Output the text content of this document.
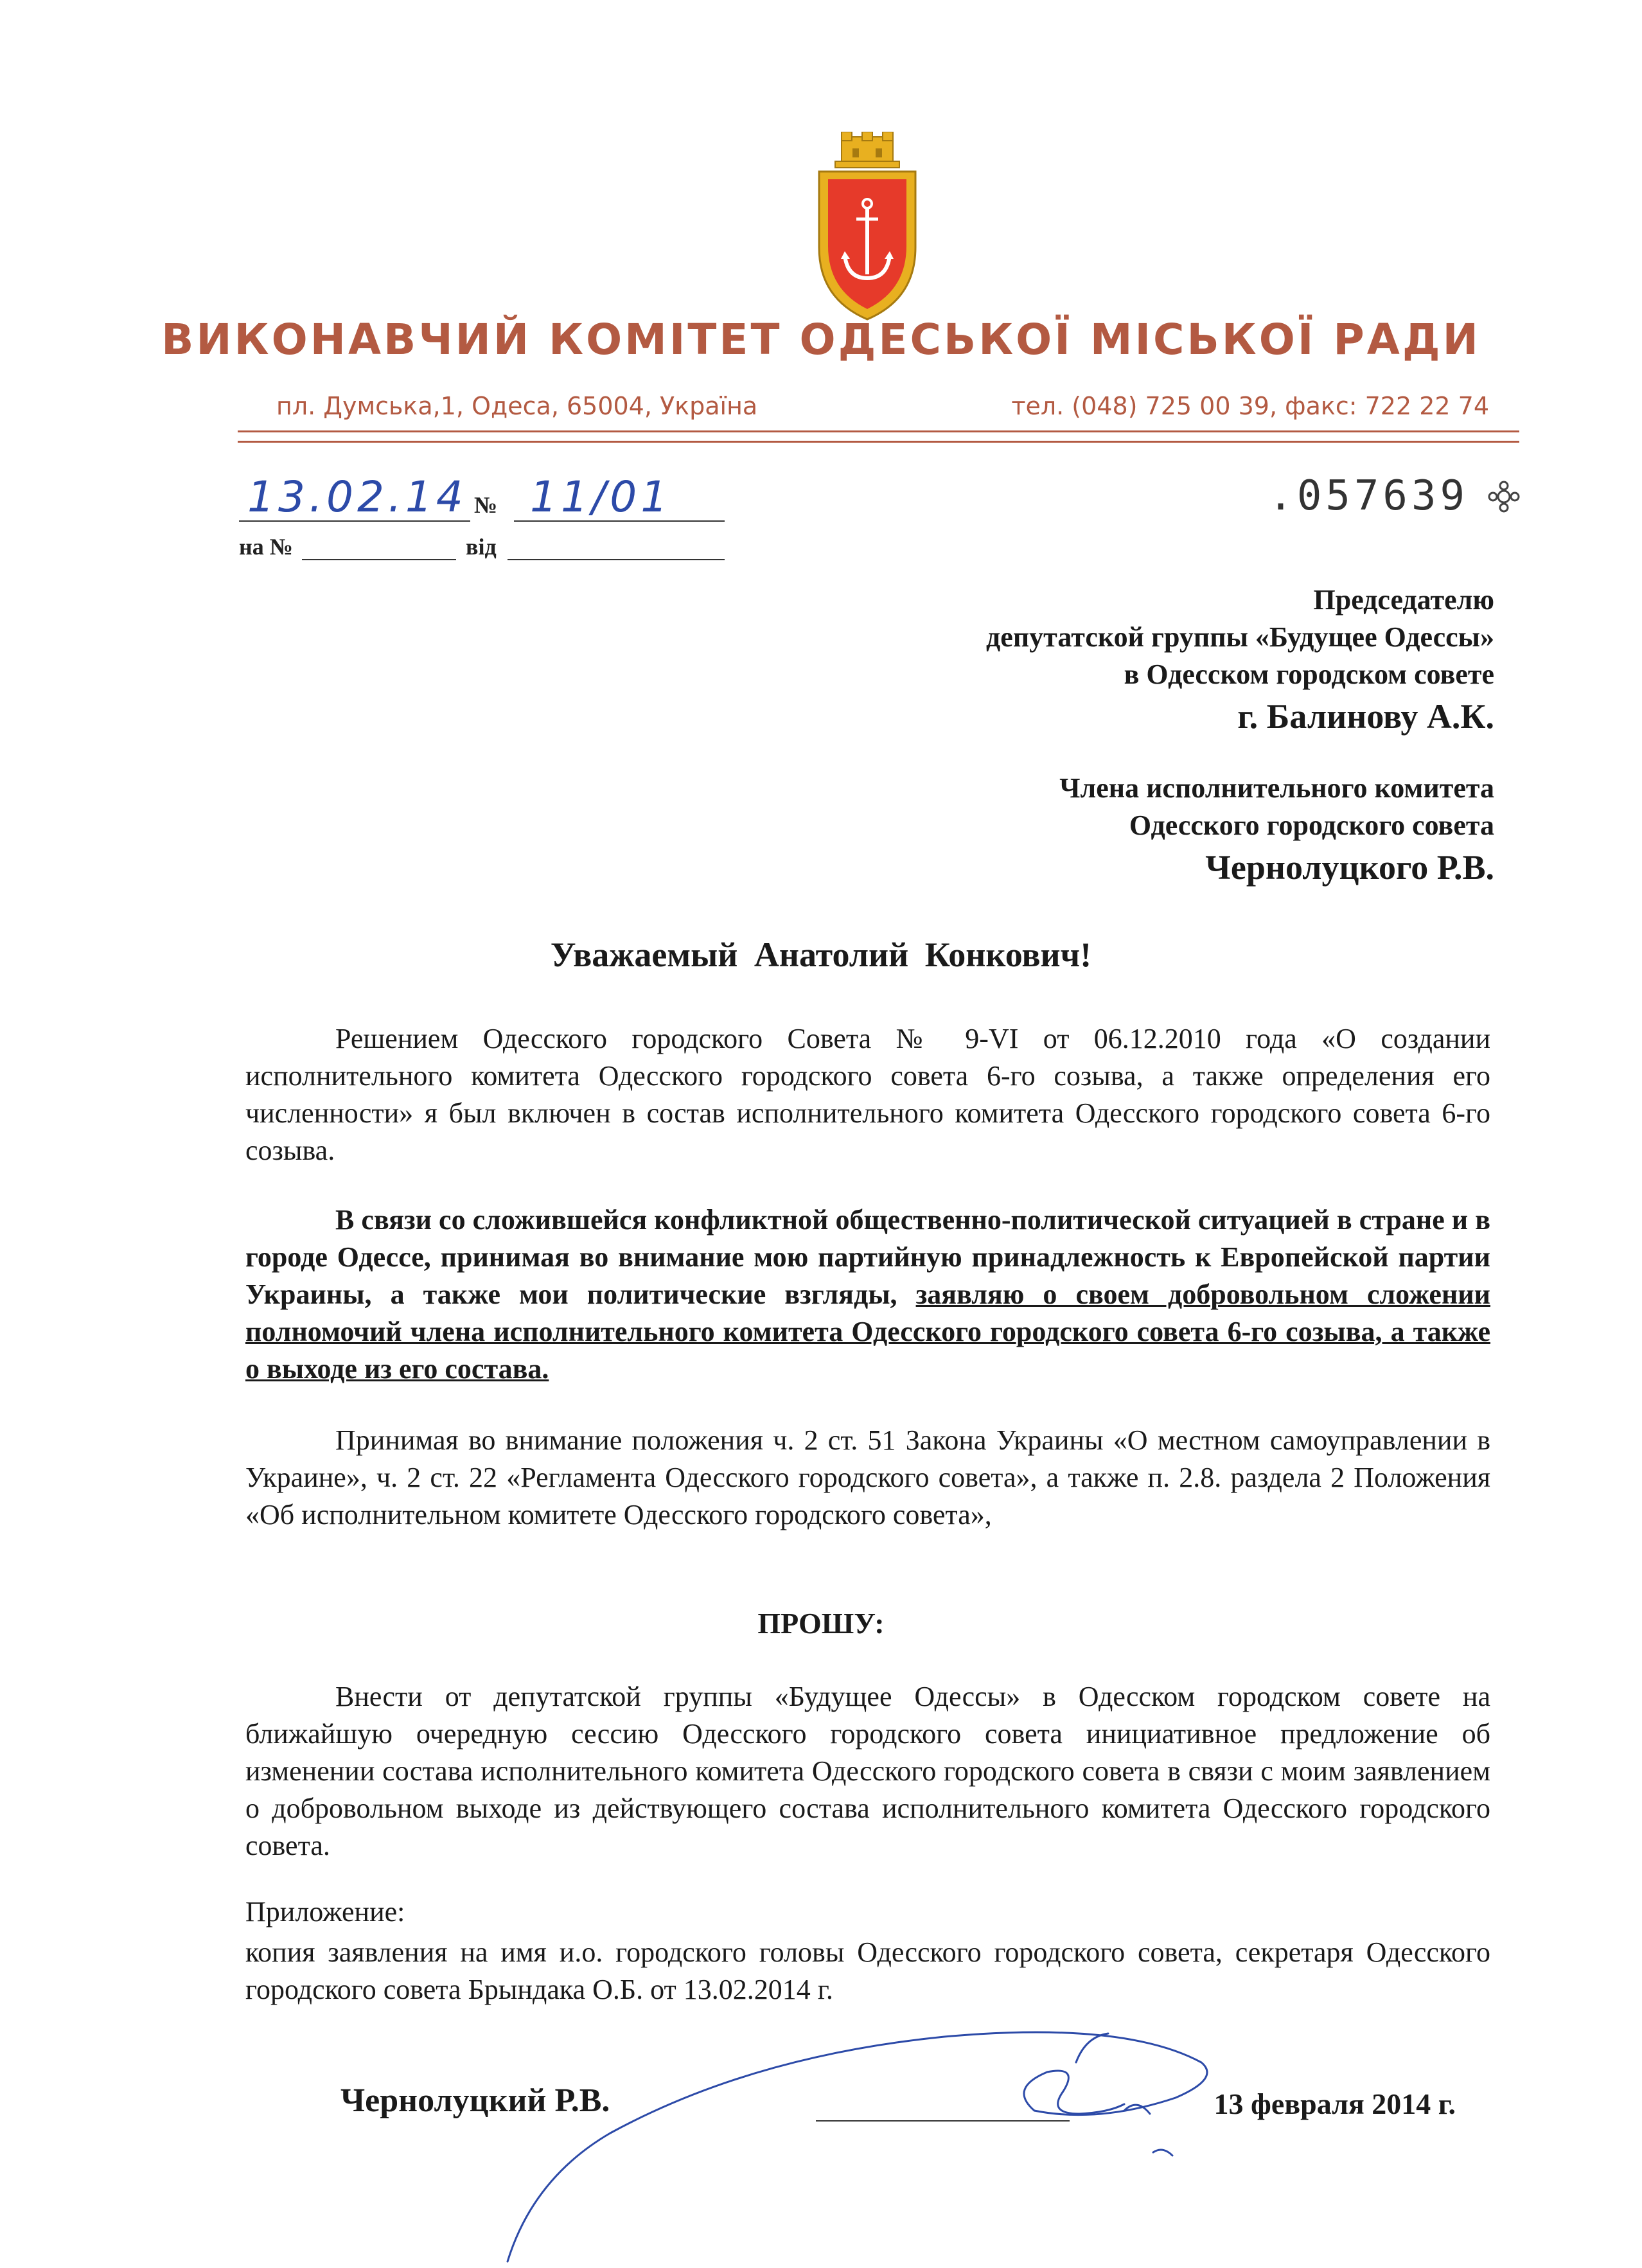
ВИКОНАВЧИЙ КОМІТЕТ ОДЕСЬКОЇ МІСЬКОЇ РАДИ
пл. Думська,1, Одеса, 65004, Україна	тел. (048) 725 00 39, факс: 722 22 74
13.02.14 № 11/01
на №	від
.057639
Председателю
депутатской группы «Будущее Одессы»
в Одесском городском совете
г. Балинову А.К.
Члена исполнительного комитета
Одесского городского совета
Чернолуцкого Р.В.
Уважаемый Анатолий Конкович!
Решением Одесского городского Совета № 9-VI от 06.12.2010 года «О создании исполнительного комитета Одесского городского совета 6-го созыва, а также определения его численности» я был включен в состав исполнительного комитета Одесского городского совета 6-го созыва.
В связи со сложившейся конфликтной общественно-политической ситуацией в стране и в городе Одессе, принимая во внимание мою партийную принадлежность к Европейской партии Украины, а также мои политические взгляды, заявляю о своем добровольном сложении полномочий члена исполнительного комитета Одесского городского совета 6-го созыва, а также о выходе из его состава.
Принимая во внимание положения ч. 2 ст. 51 Закона Украины «О местном самоуправлении в Украине», ч. 2 ст. 22 «Регламента Одесского городского совета», а также п. 2.8. раздела 2 Положения «Об исполнительном комитете Одесского городского совета»,
ПРОШУ:
Внести от депутатской группы «Будущее Одессы» в Одесском городском совете на ближайшую очередную сессию Одесского городского совета инициативное предложение об изменении состава исполнительного комитета Одесского городского совета в связи с моим заявлением о добровольном выходе из действующего состава исполнительного комитета Одесского городского совета.
Приложение:
копия заявления на имя и.о. городского головы Одесского городского совета, секретаря Одесского городского совета Брындака О.Б. от 13.02.2014 г.
Чернолуцкий Р.В.	13 февраля 2014 г.
